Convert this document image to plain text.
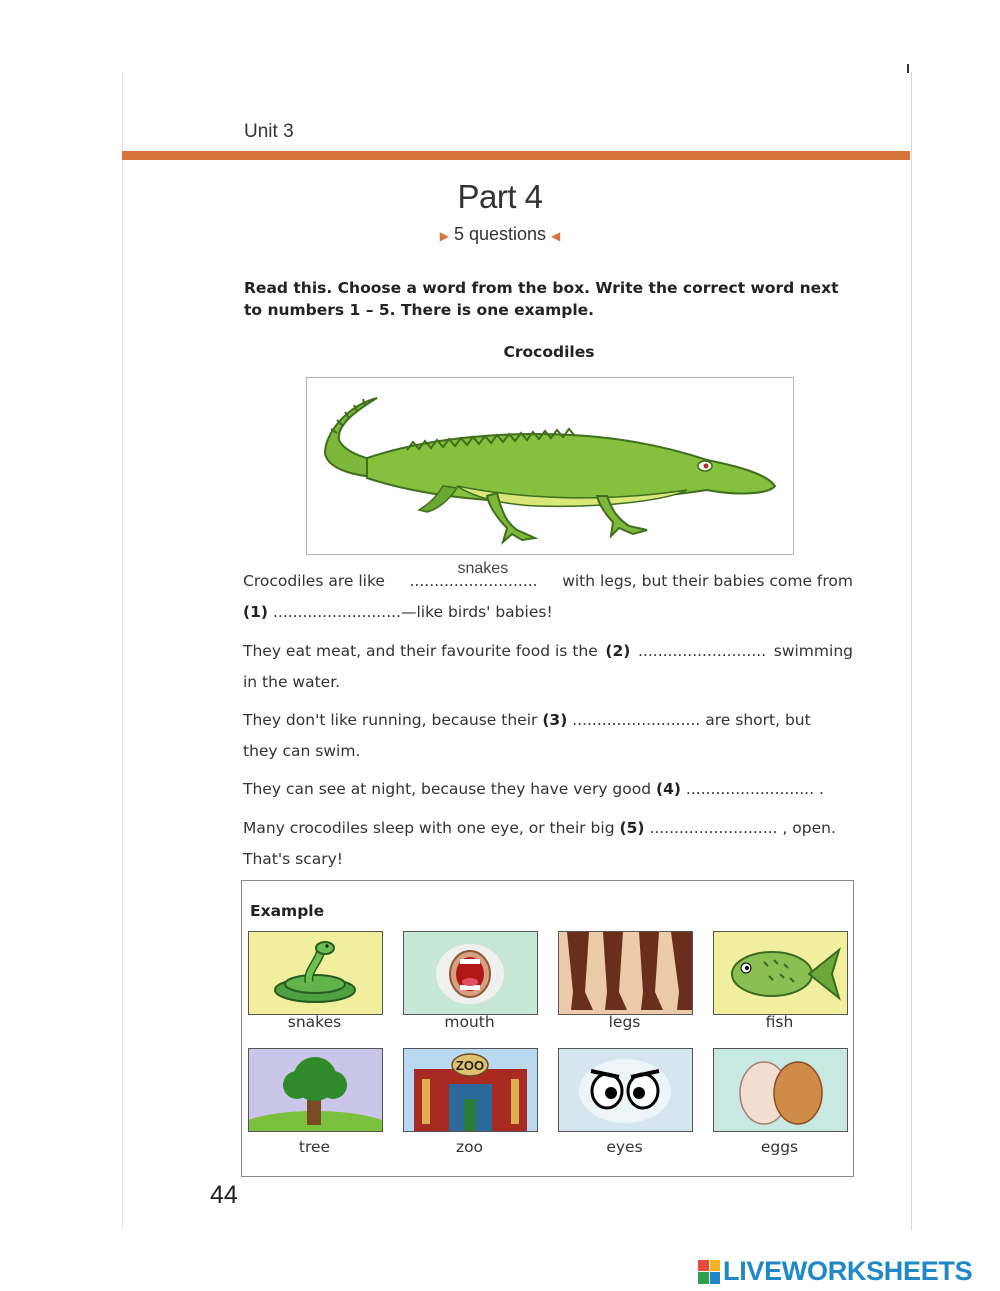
Unit 3
Part 4
▶ 5 questions ◀
Read this. Choose a word from the box. Write the correct word next to numbers 1 – 5. There is one example.
Crocodiles
Crocodiles are like ..........................
snakes
with legs, but their babies come from
(1) ..........................—like birds' babies!
They eat meat, and their favourite food is the (2) .......................... swimming
in the water.
They don't like running, because their (3) .......................... are short, but
they can swim.
They can see at night, because they have very good (4) .......................... .
Many crocodiles sleep with one eye, or their big (5) .......................... , open.
That's scary!
Example
snakes	mouth	legs	fish
ZOO
tree	zoo	eyes	eggs
44
LIVEWORKSHEETS
